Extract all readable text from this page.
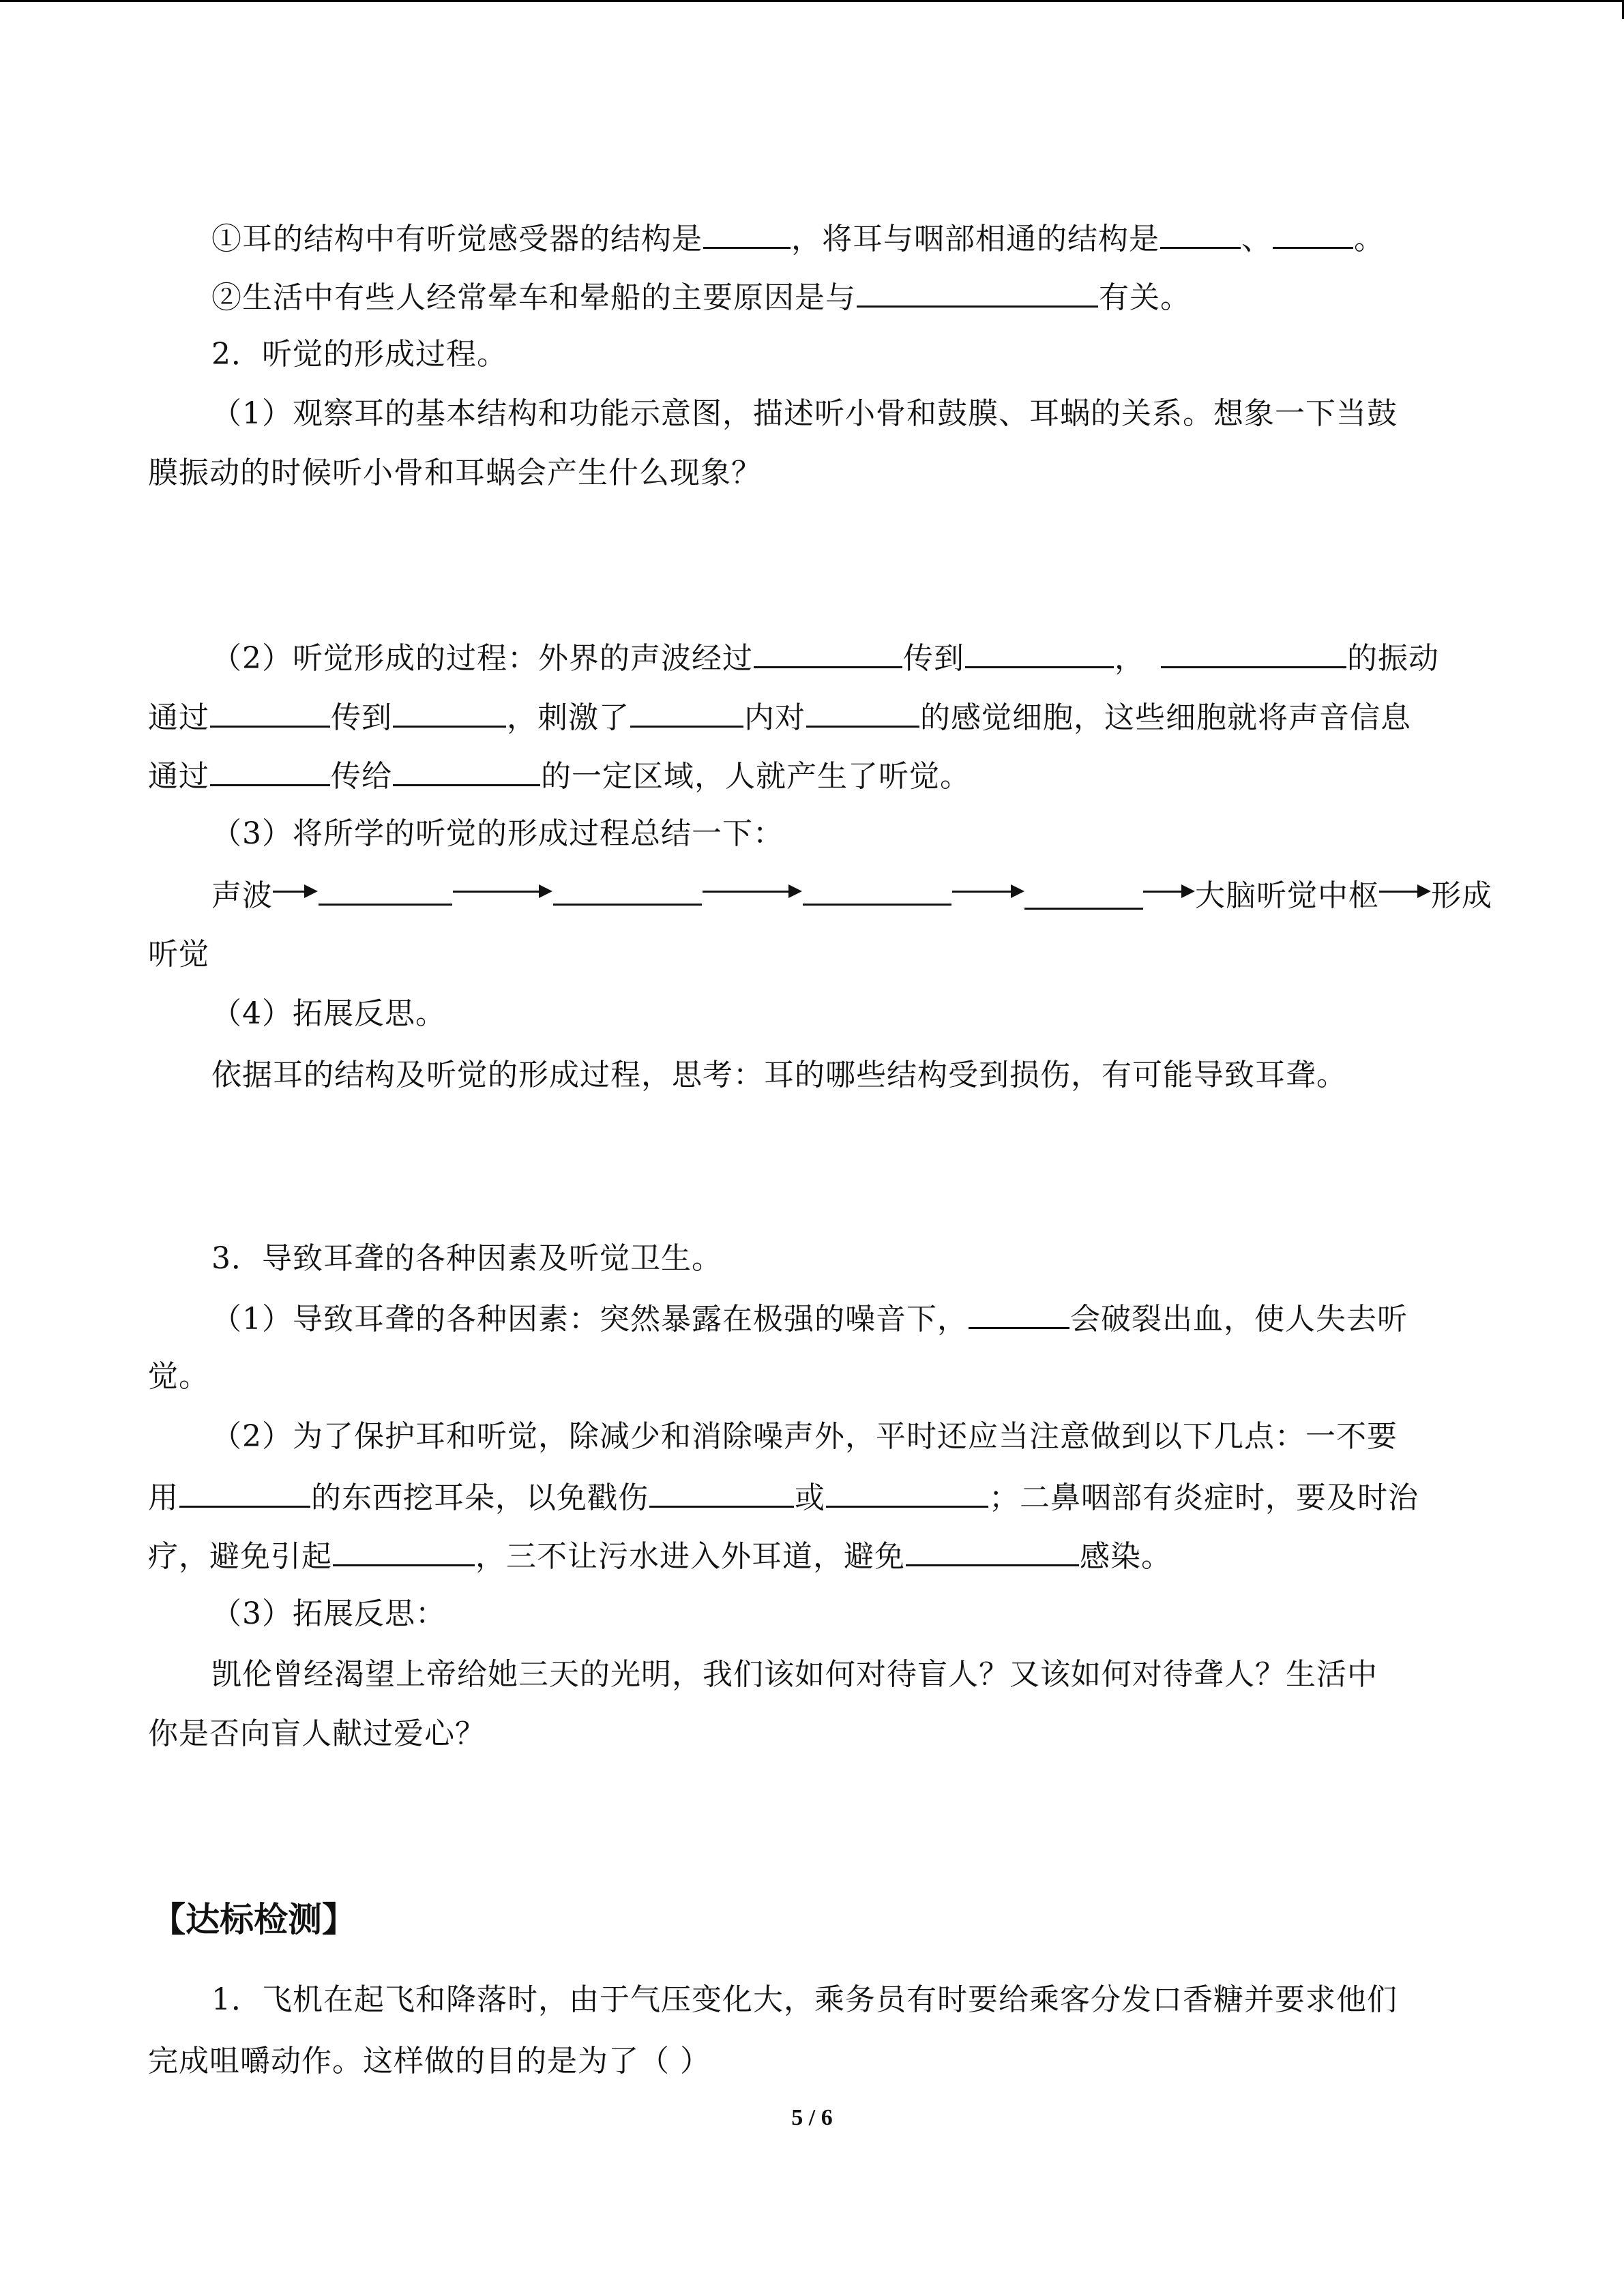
①耳的结构中有听觉感受器的结构是	，将耳与咽部相通的结构是	、	。
②生活中有些人经常晕车和晕船的主要原因是与	有关。
2．听觉的形成过程。
（1）观察耳的基本结构和功能示意图，描述听小骨和鼓膜、耳蜗的关系。想象一下当鼓
膜振动的时候听小骨和耳蜗会产生什么现象？
（2）听觉形成的过程：外界的声波经过	传到	，	的振动
通过	传到	，刺激了	内对	的感觉细胞，这些细胞就将声音信息
通过	传给	的一定区域，人就产生了听觉。
（3）将所学的听觉的形成过程总结一下：
声波	大脑听觉中枢 形成
听觉
（4）拓展反思。
依据耳的结构及听觉的形成过程，思考：耳的哪些结构受到损伤，有可能导致耳聋。
3．导致耳聋的各种因素及听觉卫生。
（1）导致耳聋的各种因素：突然暴露在极强的噪音下，	会破裂出血，使人失去听
觉。
（2）为了保护耳和听觉，除减少和消除噪声外，平时还应当注意做到以下几点：一不要
用	的东西挖耳朵，以免戳伤	或	；二鼻咽部有炎症时，要及时治
疗，避免引起	，三不让污水进入外耳道，避免	感染。
（3）拓展反思：
凯伦曾经渴望上帝给她三天的光明，我们该如何对待盲人？又该如何对待聋人？生活中
你是否向盲人献过爱心？
【达标检测】
1．飞机在起飞和降落时，由于气压变化大，乘务员有时要给乘客分发口香糖并要求他们
完成咀嚼动作。这样做的目的是为了（ ）
5 / 6
